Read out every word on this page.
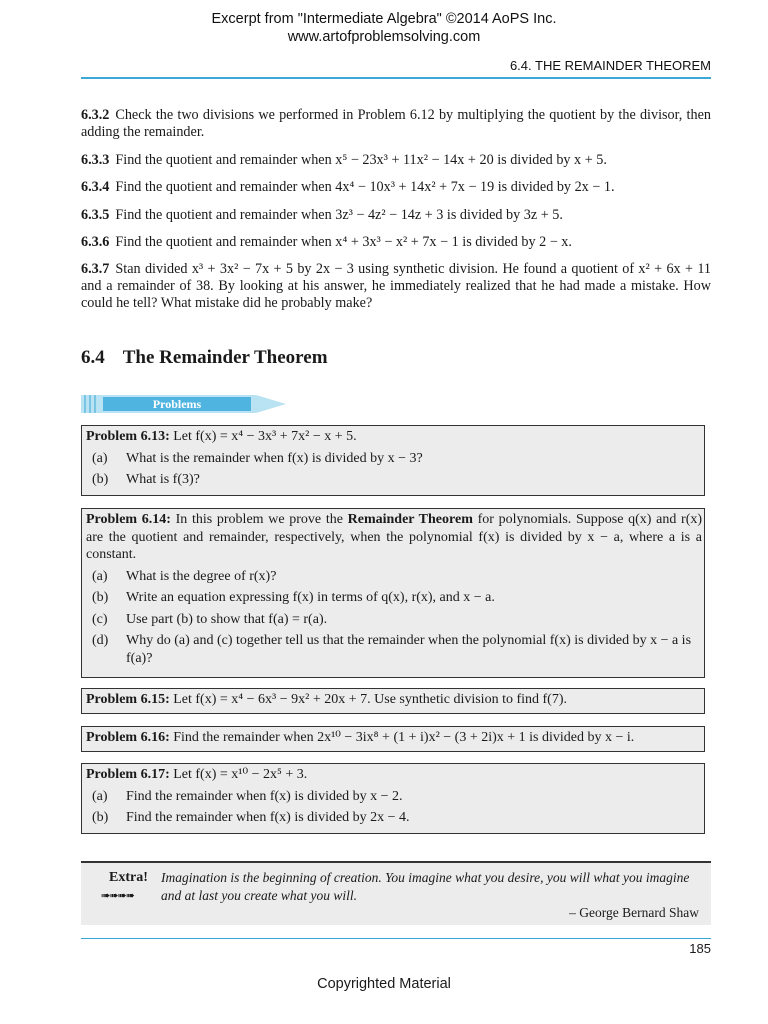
Excerpt from "Intermediate Algebra" ©2014 AoPS Inc.
www.artofproblemsolving.com
6.4. THE REMAINDER THEOREM
6.3.2 Check the two divisions we performed in Problem 6.12 by multiplying the quotient by the divisor, then adding the remainder.
6.3.3 Find the quotient and remainder when x⁵ − 23x³ + 11x² − 14x + 20 is divided by x + 5.
6.3.4 Find the quotient and remainder when 4x⁴ − 10x³ + 14x² + 7x − 19 is divided by 2x − 1.
6.3.5 Find the quotient and remainder when 3z³ − 4z² − 14z + 3 is divided by 3z + 5.
6.3.6 Find the quotient and remainder when x⁴ + 3x³ − x² + 7x − 1 is divided by 2 − x.
6.3.7 Stan divided x³ + 3x² − 7x + 5 by 2x − 3 using synthetic division. He found a quotient of x² + 6x + 11 and a remainder of 38. By looking at his answer, he immediately realized that he had made a mistake. How could he tell? What mistake did he probably make?
6.4 The Remainder Theorem
Problems

Problem 6.13: Let f(x) = x⁴ − 3x³ + 7x² − x + 5.

(a)	What is the remainder when f(x) is divided by x − 3?
(b)	What is f(3)?

Problem 6.14: In this problem we prove the Remainder Theorem for polynomials. Suppose q(x) and r(x) are the quotient and remainder, respectively, when the polynomial f(x) is divided by x − a, where a is a constant.

(a)	What is the degree of r(x)?
(b)	Write an equation expressing f(x) in terms of q(x), r(x), and x − a.
(c)	Use part (b) to show that f(a) = r(a).
(d)	Why do (a) and (c) together tell us that the remainder when the polynomial f(x) is divided by x − a is f(a)?

Problem 6.15: Let f(x) = x⁴ − 6x³ − 9x² + 20x + 7. Use synthetic division to find f(7).

Problem 6.16: Find the remainder when 2x¹⁰ − 3ix⁸ + (1 + i)x² − (3 + 2i)x + 1 is divided by x − i.

Problem 6.17: Let f(x) = x¹⁰ − 2x⁵ + 3.

(a)	Find the remainder when f(x) is divided by x − 2.
(b)	Find the remainder when f(x) is divided by 2x − 4.
Extra!
➠➠➠➠
Imagination is the beginning of creation. You imagine what you desire, you will what you imagine and at last you create what you will.
– George Bernard Shaw
185
Copyrighted Material
